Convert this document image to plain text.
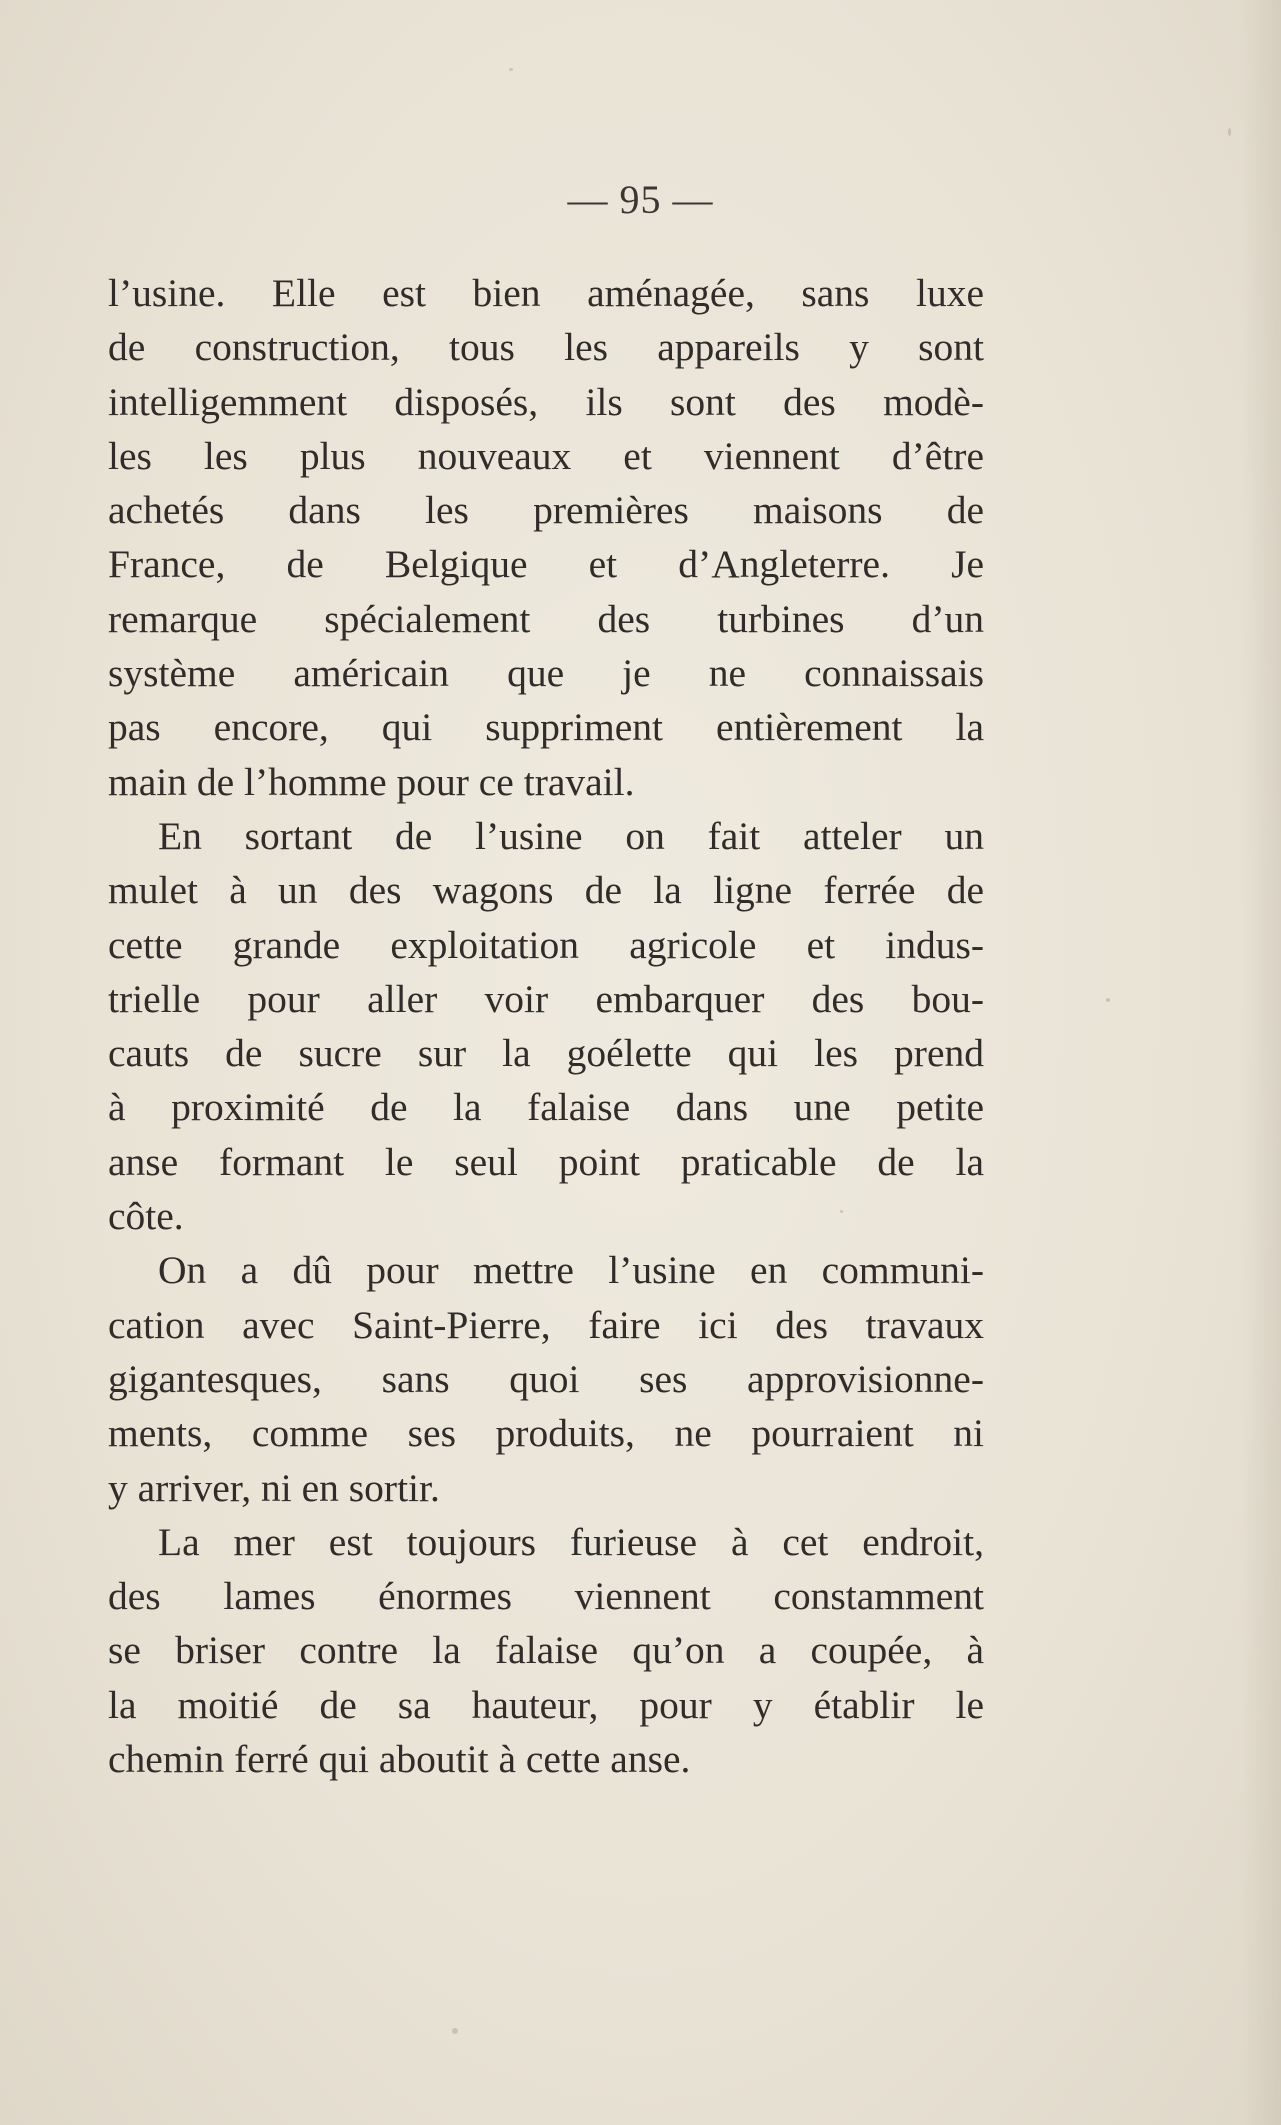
— 95 —
l’usine. Elle est bien aménagée, sans luxe
de construction, tous les appareils y sont
intelligemment disposés, ils sont des modè-
les les plus nouveaux et viennent d’être
achetés dans les premières maisons de
France, de Belgique et d’Angleterre. Je
remarque spécialement des turbines d’un
système américain que je ne connaissais
pas encore, qui suppriment entièrement la
main de l’homme pour ce travail.
En sortant de l’usine on fait atteler un
mulet à un des wagons de la ligne ferrée de
cette grande exploitation agricole et indus-
trielle pour aller voir embarquer des bou-
cauts de sucre sur la goélette qui les prend
à proximité de la falaise dans une petite
anse formant le seul point praticable de la
côte.
On a dû pour mettre l’usine en communi-
cation avec Saint-Pierre, faire ici des travaux
gigantesques, sans quoi ses approvisionne-
ments, comme ses produits, ne pourraient ni
y arriver, ni en sortir.
La mer est toujours furieuse à cet endroit,
des lames énormes viennent constamment
se briser contre la falaise qu’on a coupée, à
la moitié de sa hauteur, pour y établir le
chemin ferré qui aboutit à cette anse.
